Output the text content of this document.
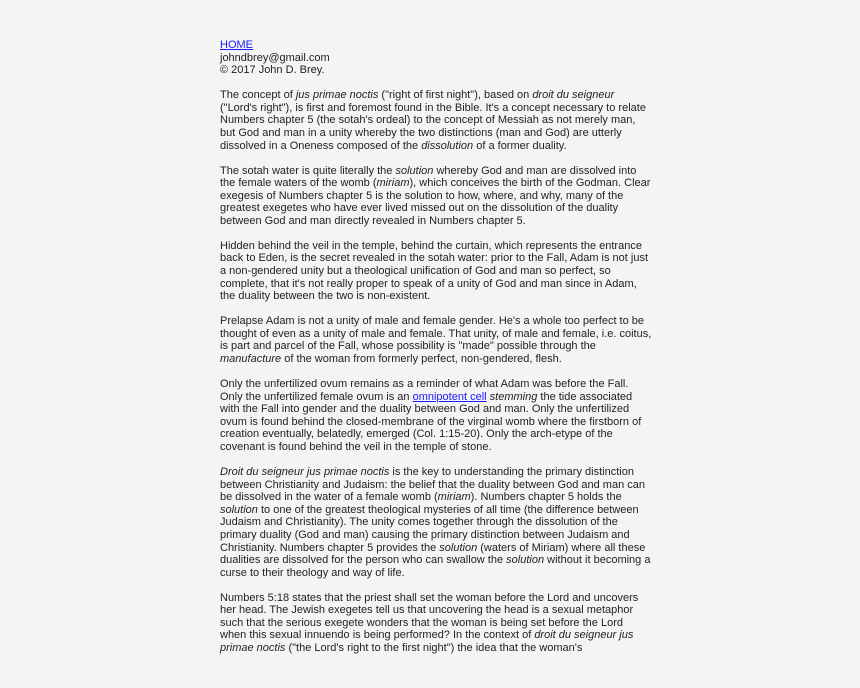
HOME
johndbrey@gmail.com
© 2017 John D. Brey.
The concept of jus primae noctis ("right of first night"), based on droit du seigneur
("Lord's right"), is first and foremost found in the Bible. It's a concept necessary to relate
Numbers chapter 5 (the sotah's ordeal) to the concept of Messiah as not merely man,
but God and man in a unity whereby the two distinctions (man and God) are utterly
dissolved in a Oneness composed of the dissolution of a former duality.
The sotah water is quite literally the solution whereby God and man are dissolved into
the female waters of the womb (miriam), which conceives the birth of the Godman. Clear
exegesis of Numbers chapter 5 is the solution to how, where, and why, many of the
greatest exegetes who have ever lived missed out on the dissolution of the duality
between God and man directly revealed in Numbers chapter 5.
Hidden behind the veil in the temple, behind the curtain, which represents the entrance
back to Eden, is the secret revealed in the sotah water: prior to the Fall, Adam is not just
a non-gendered unity but a theological unification of God and man so perfect, so
complete, that it's not really proper to speak of a unity of God and man since in Adam,
the duality between the two is non-existent.
Prelapse Adam is not a unity of male and female gender. He's a whole too perfect to be
thought of even as a unity of male and female. That unity, of male and female, i.e. coitus,
is part and parcel of the Fall, whose possibility is "made" possible through the
manufacture of the woman from formerly perfect, non-gendered, flesh.
Only the unfertilized ovum remains as a reminder of what Adam was before the Fall.
Only the unfertilized female ovum is an omnipotent cell stemming the tide associated
with the Fall into gender and the duality between God and man. Only the unfertilized
ovum is found behind the closed-membrane of the virginal womb where the firstborn of
creation eventually, belatedly, emerged (Col. 1:15-20). Only the arch-etype of the
covenant is found behind the veil in the temple of stone.
Droit du seigneur jus primae noctis is the key to understanding the primary distinction
between Christianity and Judaism: the belief that the duality between God and man can
be dissolved in the water of a female womb (miriam). Numbers chapter 5 holds the
solution to one of the greatest theological mysteries of all time (the difference between
Judaism and Christianity). The unity comes together through the dissolution of the
primary duality (God and man) causing the primary distinction between Judaism and
Christianity. Numbers chapter 5 provides the solution (waters of Miriam) where all these
dualities are dissolved for the person who can swallow the solution without it becoming a
curse to their theology and way of life.
Numbers 5:18 states that the priest shall set the woman before the Lord and uncovers
her head. The Jewish exegetes tell us that uncovering the head is a sexual metaphor
such that the serious exegete wonders that the woman is being set before the Lord
when this sexual innuendo is being performed? In the context of droit du seigneur jus
primae noctis ("the Lord's right to the first night") the idea that the woman's
